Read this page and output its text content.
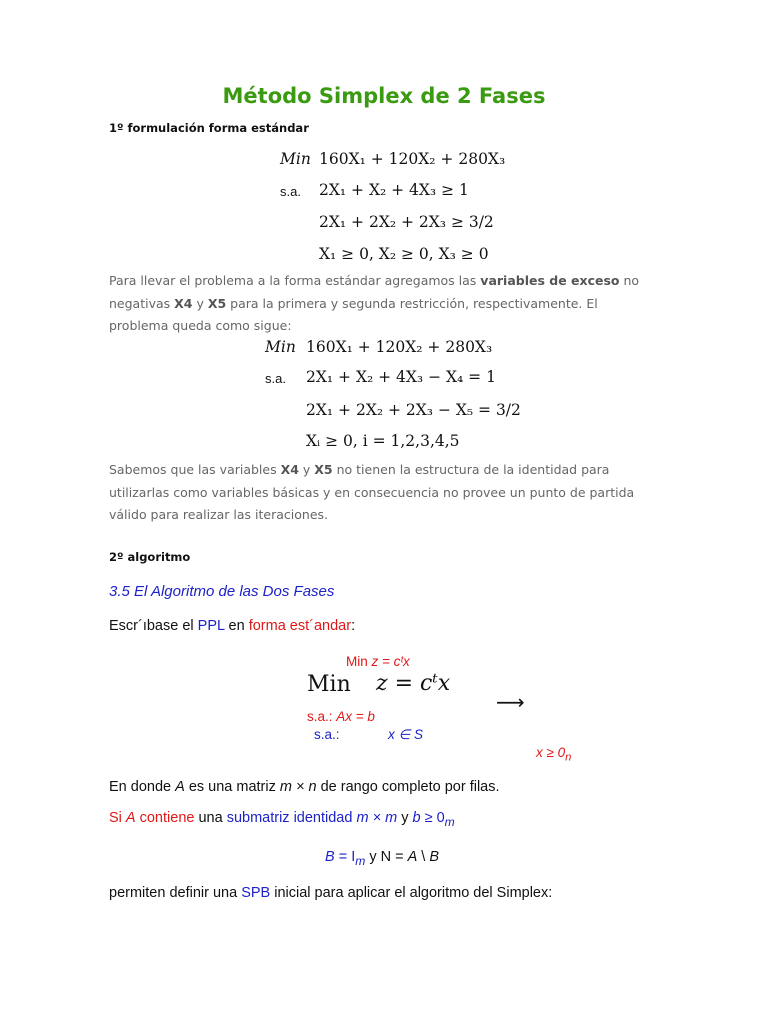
Método Simplex de 2 Fases
1º formulación forma estándar
Min 160X₁ + 120X₂ + 280X₃
s.a. 2X₁ + X₂ + 4X₃ ≥ 1
2X₁ + 2X₂ + 2X₃ ≥ 3/2
X₁ ≥ 0, X₂ ≥ 0, X₃ ≥ 0
Para llevar el problema a la forma estándar agregamos las variables de exceso no negativas X4 y X5 para la primera y segunda restricción, respectivamente. El problema queda como sigue:
Min 160X₁ + 120X₂ + 280X₃
s.a. 2X₁ + X₂ + 4X₃ − X₄ = 1
2X₁ + 2X₂ + 2X₃ − X₅ = 3/2
Xᵢ ≥ 0, i = 1,2,3,4,5
Sabemos que las variables X4 y X5 no tienen la estructura de la identidad para utilizarlas como variables básicas y en consecuencia no provee un punto de partida válido para realizar las iteraciones.
2º algoritmo
3.5 El Algoritmo de las Dos Fases
Escr´ıbase el PPL en forma est´andar:
Min z = cᵗx
Min z = cᵗx
⟶
s.a.: Ax = b
s.a.:	x ∈ S
$x \ge 0_n$
En donde A es una matriz m × n de rango completo por filas.
Si A contiene una submatriz identidad m × m y $b \ge 0_m$
$B = I_m$ y N = A \ B
permiten definir una SPB inicial para aplicar el algoritmo del Simplex:
